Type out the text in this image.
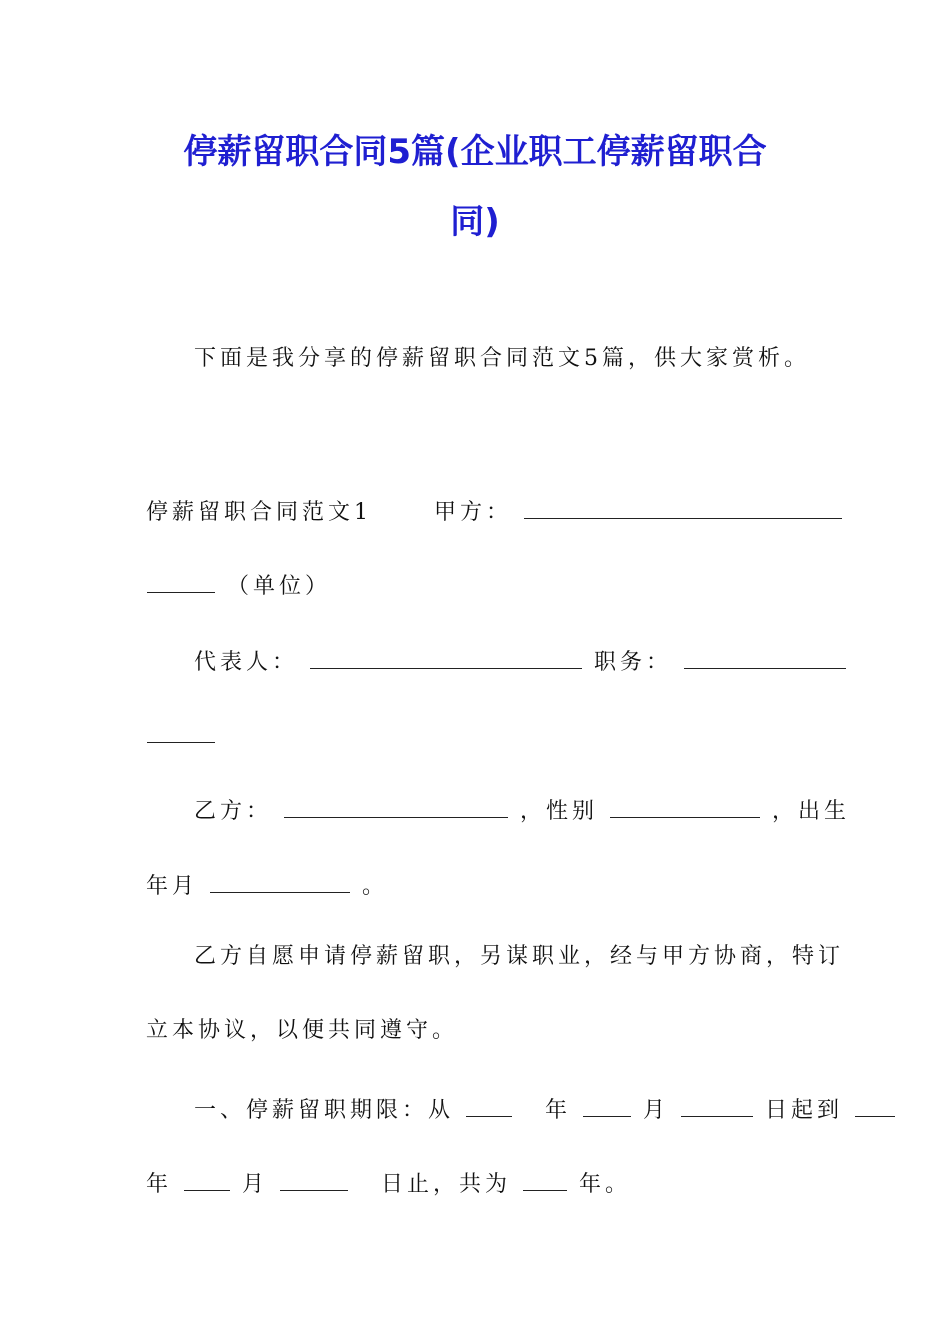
停薪留职合同5篇(企业职工停薪留职合
同)
下面是我分享的停薪留职合同范文5篇，供大家赏析。
停薪留职合同范文1	甲方：
（单位）
代表人：	职务：
乙方：	，性别	，出生
年月	。
乙方自愿申请停薪留职，另谋职业，经与甲方协商，特订
立本协议，以便共同遵守。
一、停薪留职期限：从	年	月	日起到
年	月	日止，共为	年。
